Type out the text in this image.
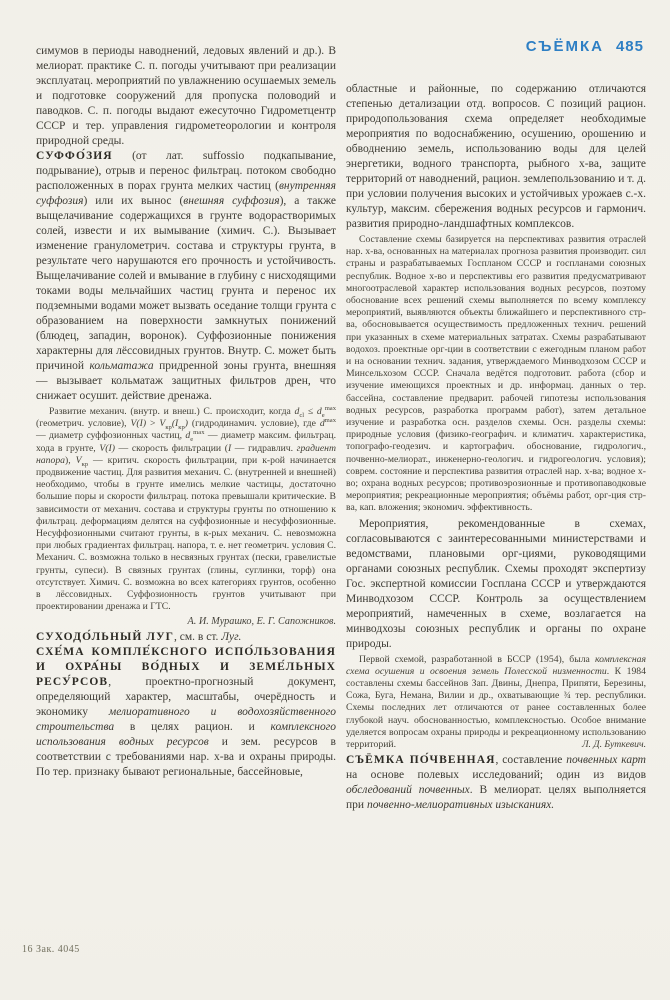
СЪЁМКА 485

симумов в периоды наводнений, ледовых явлений и др.). В мелиорат. практике С. п. погоды учитывают при реализации эксплуатац. мероприятий по увлажнению осушаемых земель и подготовке сооружений для пропуска половодий и паводков. С. п. погоды выдают ежесуточно Гидрометцентр СССР и тер. управления гидрометеорологии и контроля природной среды.

СУФФО́ЗИЯ (от лат. suffossio подкапывание, подрывание), отрыв и перенос фильтрац. потоком свободно расположенных в порах грунта мелких частиц (внутренняя суффозия) или их вынос (внешняя суффозия), а также выщелачивание содержащихся в грунте водорастворимых солей, извести и их вымывание (химич. С.). Вызывает изменение гранулометрич. состава и структуры грунта, в результате чего нарушаются его прочность и устойчивость. Выщелачивание солей и вмывание в глубину с нисходящими токами воды мельчайших частиц грунта и перенос их подземными водами может вызвать оседание толщи грунта с образованием на поверхности замкнутых понижений (блюдец, западин, воронок). Суффозионные понижения характерны для лёссовидных грунтов. Внутр. С. может быть причиной кольматажа придренной зоны грунта, внешняя — вызывает кольматаж защитных фильтров дрен, что снижает осушит. действие дренажа.

Развитие механич. (внутр. и внеш.) С. происходит, когда $d_{cl} \le d_e^{max}$ (геометрич. условие), $V(I) > V_{кр}(I_{кр})$ (гидродинамич. условие), где $d^{max}$ — диаметр суффозионных частиц, $d_e^{max}$ — диаметр максим. фильтрац. хода в грунте, V(I) — скорость фильтрации (I — гидравлич. градиент напора), $V_{кр}$ — критич. скорость фильтрации, при к-рой начинается продвижение частиц. Для развития механич. С. (внутренней и внешней) необходимо, чтобы в грунте имелись мелкие частицы, достаточно большие поры и скорости фильтрац. потока превышали критические. В зависимости от механич. состава и структуры грунты по отношению к фильтрац. деформациям делятся на суффозионные и несуффозионные. Несуффозионными считают грунты, в к-рых механич. С. невозможна при любых градиентах фильтрац. напора, т. е. нет геометрич. условия С. Механич. С. возможна только в несвязных грунтах (пески, гравелистые грунты, супеси). В связных грунтах (глины, суглинки, торф) она отсутствует. Химич. С. возможна во всех категориях грунтов, особенно в лёссовидных. Суффозионность грунтов учитывают при проектировании дренажа и ГТС.

А. И. Мурашко, Е. Г. Сапожников.

СУХОДО́ЛЬНЫЙ ЛУГ, см. в ст. Луг.

СХЕ́МА КОМПЛЕ́КСНОГО ИСПО́ЛЬЗОВАНИЯ И ОХРА́НЫ ВО́ДНЫХ И ЗЕМЕ́ЛЬНЫХ РЕСУ́РСОВ, проектно-прогнозный документ, определяющий характер, масштабы, очерёдность и экономику мелиоративного и водохозяйственного строительства в целях рацион. и комплексного использования водных ресурсов и зем. ресурсов в соответствии с требованиями нар. х-ва и охраны природы. По тер. признаку бывают региональные, бассейновые,

областные и районные, по содержанию отличаются степенью детализации отд. вопросов. С позиций рацион. природопользования схема определяет необходимые мероприятия по водоснабжению, осушению, орошению и обводнению земель, использованию воды для целей энергетики, водного транспорта, рыбного х-ва, защите территорий от наводнений, рацион. землепользованию и т. д. при условии получения высоких и устойчивых урожаев с.-х. культур, максим. сбережения водных ресурсов и гармонич. развития природно-ландшафтных комплексов.

Составление схемы базируется на перспективах развития отраслей нар. х-ва, основанных на материалах прогноза развития производит. сил страны и разрабатываемых Госпланом СССР и госпланами союзных республик. Водное х-во и перспективы его развития предусматривают многоотраслевой характер использования водных ресурсов, поэтому обоснование всех решений схемы выполняется по всему комплексу мероприятий, выявляются объекты ближайшего и перспективного стр-ва, обосновывается осуществимость предложенных технич. решений при указанных в схеме материальных затратах. Схемы разрабатывают водохоз. проектные орг-ции в соответствии с ежегодным планом работ и на основании технич. задания, утверждаемого Минводхозом СССР и Минсельхозом СССР. Сначала ведётся подготовит. работа (сбор и изучение имеющихся проектных и др. информац. данных о тер. бассейна, составление предварит. рабочей гипотезы использования водных ресурсов, разработка программ работ), затем детальное изучение и разработка осн. разделов схемы. Осн. разделы схемы: природные условия (физико-географич. и климатич. характеристика, топографо-геодезич. и картографич. обоснование, гидрологич., почвенно-мелиорат., инженерно-геологич. и гидрогеологич. условия); соврем. состояние и перспектива развития отраслей нар. х-ва; водное х-во; охрана водных ресурсов; противоэрозионные и противопаводковые мероприятия; рекреационные мероприятия; объёмы работ, орг-ция стр-ва, кап. вложения; экономич. эффективность.

Мероприятия, рекомендованные в схемах, согласовываются с заинтересованными министерствами и ведомствами, плановыми орг-циями, руководящими органами союзных республик. Схемы проходят экспертизу Гос. экспертной комиссии Госплана СССР и утверждаются Минводхозом СССР. Контроль за осуществлением мероприятий, намеченных в схеме, возлагается на минводхозы союзных республик и органы по охране природы.

Первой схемой, разработанной в БССР (1954), была комплексная схема осушения и освоения земель Полесской низменности. К 1984 составлены схемы бассейнов Зап. Двины, Днепра, Припяти, Березины, Сожа, Буга, Немана, Вилии и др., охватывающие ¾ тер. республики. Схемы последних лет отличаются от ранее составленных более глубокой науч. обоснованностью, комплексностью. Особое внимание уделяется вопросам охраны природы и рекреационному использованию территорий.	Л. Д. Буткевич.

СЪЁМКА ПО́ЧВЕННАЯ, составление почвенных карт на основе полевых исследований; один из видов обследований почвенных. В мелиорат. целях выполняется при почвенно-мелиоративных изысканиях.

16 Зак. 4045
